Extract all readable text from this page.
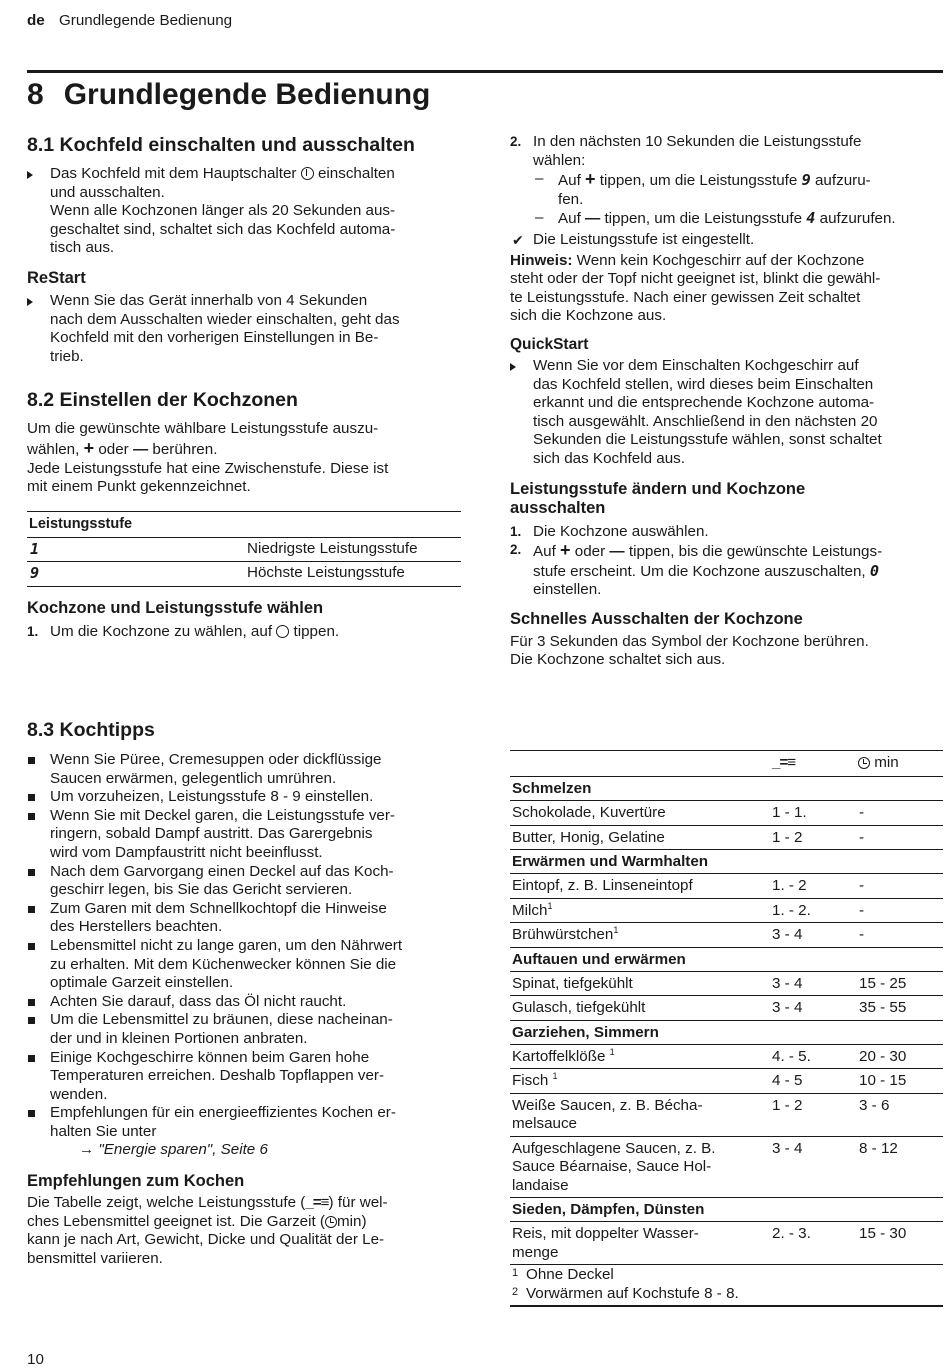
de Grundlegende Bedienung
8 Grundlegende Bedienung
8.1 Kochfeld einschalten und ausschalten
Das Kochfeld mit dem Hauptschalter einschalten
und ausschalten.
Wenn alle Kochzonen länger als 20 Sekunden aus-
geschaltet sind, schaltet sich das Kochfeld automa-
tisch aus.
ReStart
Wenn Sie das Gerät innerhalb von 4 Sekunden
nach dem Ausschalten wieder einschalten, geht das
Kochfeld mit den vorherigen Einstellungen in Be-
trieb.
8.2 Einstellen der Kochzonen
Um die gewünschte wählbare Leistungsstufe auszu-
wählen, + oder — berühren.
Jede Leistungsstufe hat eine Zwischenstufe. Diese ist
mit einem Punkt gekennzeichnet.
Leistungsstufe
1	Niedrigste Leistungsstufe
9	Höchste Leistungsstufe
Kochzone und Leistungsstufe wählen
1. Um die Kochzone zu wählen, auf tippen.
2. In den nächsten 10 Sekunden die Leistungsstufe
wählen:
– Auf + tippen, um die Leistungsstufe 9 aufzuru-
fen.
– Auf — tippen, um die Leistungsstufe 4 aufzurufen.
✔ Die Leistungsstufe ist eingestellt.
Hinweis: Wenn kein Kochgeschirr auf der Kochzone
steht oder der Topf nicht geeignet ist, blinkt die gewähl-
te Leistungsstufe. Nach einer gewissen Zeit schaltet
sich die Kochzone aus.
QuickStart
Wenn Sie vor dem Einschalten Kochgeschirr auf
das Kochfeld stellen, wird dieses beim Einschalten
erkannt und die entsprechende Kochzone automa-
tisch ausgewählt. Anschließend in den nächsten 20
Sekunden die Leistungsstufe wählen, sonst schaltet
sich das Kochfeld aus.
Leistungsstufe ändern und Kochzone
ausschalten
1. Die Kochzone auswählen.
2. Auf + oder — tippen, bis die gewünschte Leistungs-
stufe erscheint. Um die Kochzone auszuschalten, 0
einstellen.
Schnelles Ausschalten der Kochzone
Für 3 Sekunden das Symbol der Kochzone berühren.
Die Kochzone schaltet sich aus.
8.3 Kochtipps
Wenn Sie Püree, Cremesuppen oder dickflüssige
Saucen erwärmen, gelegentlich umrühren.
Um vorzuheizen, Leistungsstufe 8 - 9 einstellen.
Wenn Sie mit Deckel garen, die Leistungsstufe ver-
ringern, sobald Dampf austritt. Das Garergebnis
wird vom Dampfaustritt nicht beeinflusst.
Nach dem Garvorgang einen Deckel auf das Koch-
geschirr legen, bis Sie das Gericht servieren.
Zum Garen mit dem Schnellkochtopf die Hinweise
des Herstellers beachten.
Lebensmittel nicht zu lange garen, um den Nährwert
zu erhalten. Mit dem Küchenwecker können Sie die
optimale Garzeit einstellen.
Achten Sie darauf, dass das Öl nicht raucht.
Um die Lebensmittel zu bräunen, diese nacheinan-
der und in kleinen Portionen anbraten.
Einige Kochgeschirre können beim Garen hohe
Temperaturen erreichen. Deshalb Topflappen ver-
wenden.
Empfehlungen für ein energieeffizientes Kochen er-
halten Sie unter
→ "Energie sparen", Seite 6
Empfehlungen zum Kochen
Die Tabelle zeigt, welche Leistungsstufe (_=≡) für wel-
ches Lebensmittel geeignet ist. Die Garzeit ( min)
kann je nach Art, Gewicht, Dicke und Qualität der Le-
bensmittel variieren.
_=≡	min
Schmelzen
Schokolade, Kuvertüre	1 - 1.	-
Butter, Honig, Gelatine	1 - 2	-
Erwärmen und Warmhalten
Eintopf, z. B. Linseneintopf	1. - 2	-
Milch$^1$	1. - 2.	-
Brühwürstchen$^1$	3 - 4	-
Auftauen und erwärmen
Spinat, tiefgekühlt	3 - 4	15 - 25
Gulasch, tiefgekühlt	3 - 4	35 - 55
Garziehen, Simmern
Kartoffelklöße $^1$	4. - 5.	20 - 30
Fisch $^1$	4 - 5	10 - 15
Weiße Saucen, z. B. Bécha-
melsauce
1 - 2	3 - 6
Aufgeschlagene Saucen, z. B.
Sauce Béarnaise, Sauce Hol-
landaise
3 - 4	8 - 12
Sieden, Dämpfen, Dünsten
Reis, mit doppelter Wasser-
menge
2. - 3.	15 - 30
1 Ohne Deckel
2 Vorwärmen auf Kochstufe 8 - 8.
10
